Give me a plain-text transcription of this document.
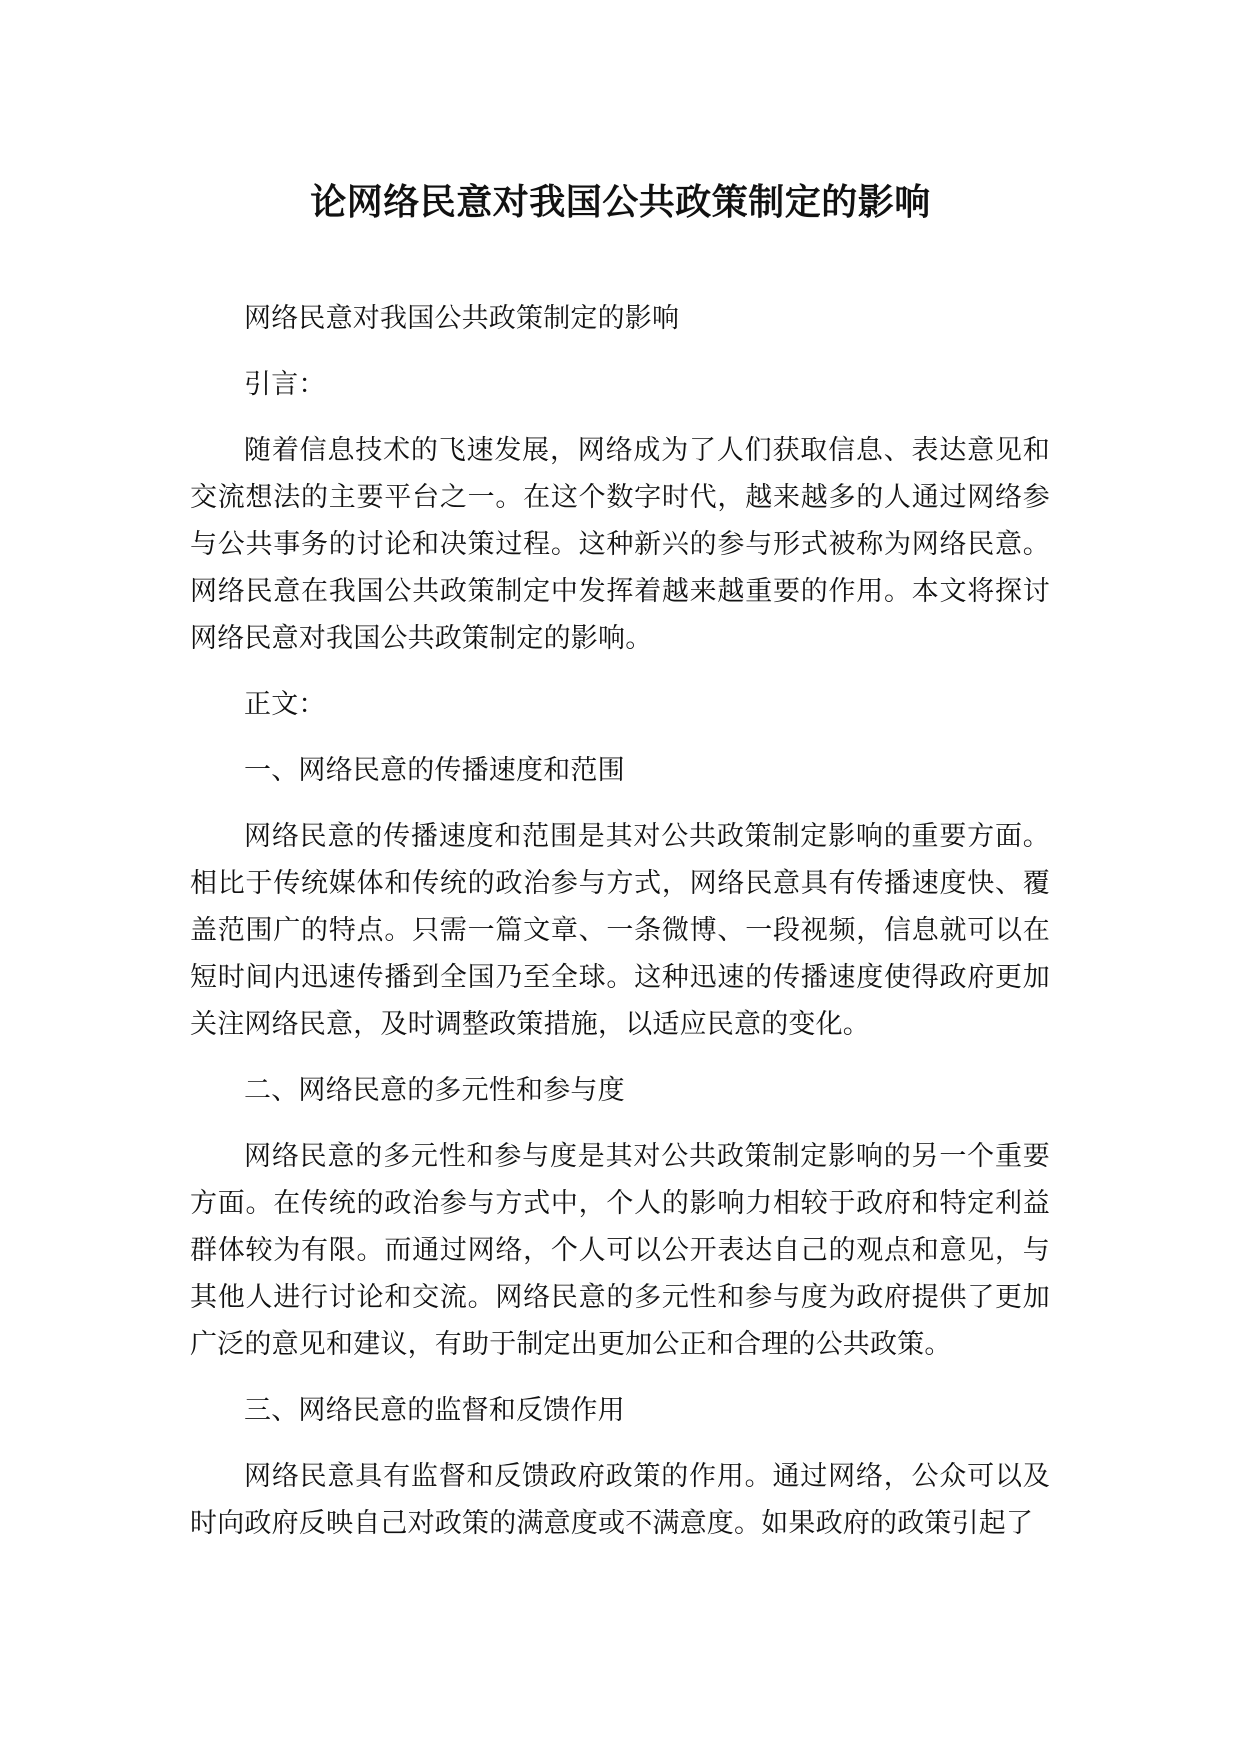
论网络民意对我国公共政策制定的影响

网络民意对我国公共政策制定的影响

引言：

随着信息技术的飞速发展，网络成为了人们获取信息、表达意见和交流想法的主要平台之一。在这个数字时代，越来越多的人通过网络参与公共事务的讨论和决策过程。这种新兴的参与形式被称为网络民意。网络民意在我国公共政策制定中发挥着越来越重要的作用。本文将探讨网络民意对我国公共政策制定的影响。

正文：

一、网络民意的传播速度和范围

网络民意的传播速度和范围是其对公共政策制定影响的重要方面。相比于传统媒体和传统的政治参与方式，网络民意具有传播速度快、覆盖范围广的特点。只需一篇文章、一条微博、一段视频，信息就可以在短时间内迅速传播到全国乃至全球。这种迅速的传播速度使得政府更加关注网络民意，及时调整政策措施，以适应民意的变化。

二、网络民意的多元性和参与度

网络民意的多元性和参与度是其对公共政策制定影响的另一个重要方面。在传统的政治参与方式中，个人的影响力相较于政府和特定利益群体较为有限。而通过网络，个人可以公开表达自己的观点和意见，与其他人进行讨论和交流。网络民意的多元性和参与度为政府提供了更加广泛的意见和建议，有助于制定出更加公正和合理的公共政策。

三、网络民意的监督和反馈作用

网络民意具有监督和反馈政府政策的作用。通过网络，公众可以及时向政府反映自己对政策的满意度或不满意度。如果政府的政策引起了
